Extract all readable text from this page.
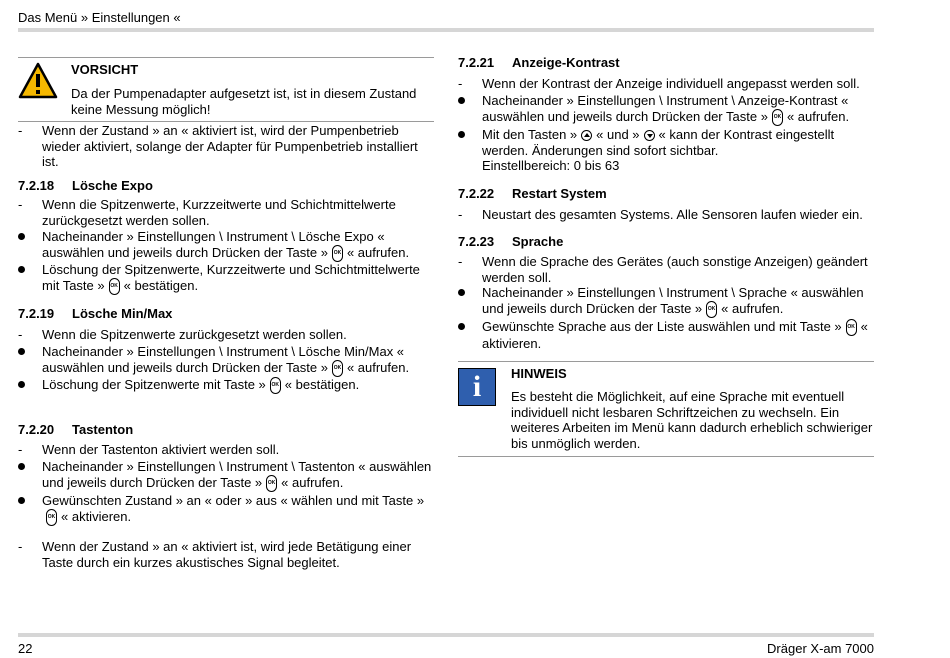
Das Menü » Einstellungen «
VORSICHT
Da der Pumpenadapter aufgesetzt ist, ist in diesem Zustand keine Messung möglich!
- Wenn der Zustand » an « aktiviert ist, wird der Pumpenbetrieb wieder aktiviert, solange der Adapter für Pumpenbetrieb installiert ist.
7.2.18 Lösche Expo
- Wenn die Spitzenwerte, Kurzzeitwerte und Schichtmittelwerte zurückgesetzt werden sollen.
Nacheinander » Einstellungen \ Instrument \ Lösche Expo « auswählen und jeweils durch Drücken der Taste » OK « aufrufen.
Löschung der Spitzenwerte, Kurzzeitwerte und Schichtmittelwerte mit Taste » OK « bestätigen.
7.2.19 Lösche Min/Max
- Wenn die Spitzenwerte zurückgesetzt werden sollen.
Nacheinander » Einstellungen \ Instrument \ Lösche Min/Max « auswählen und jeweils durch Drücken der Taste » OK « aufrufen.
Löschung der Spitzenwerte mit Taste » OK « bestätigen.
7.2.20 Tastenton
- Wenn der Tastenton aktiviert werden soll.
Nacheinander » Einstellungen \ Instrument \ Tastenton « auswählen und jeweils durch Drücken der Taste » OK « aufrufen.
Gewünschten Zustand » an « oder » aus « wählen und mit Taste »
OK « aktivieren.
- Wenn der Zustand » an « aktiviert ist, wird jede Betätigung einer Taste durch ein kurzes akustisches Signal begleitet.
7.2.21 Anzeige-Kontrast
- Wenn der Kontrast der Anzeige individuell angepasst werden soll.
Nacheinander » Einstellungen \ Instrument \ Anzeige-Kontrast « auswählen und jeweils durch Drücken der Taste » OK « aufrufen.
Mit den Tasten » « und » « kann der Kontrast eingestellt werden. Änderungen sind sofort sichtbar.
Einstellbereich: 0 bis 63
7.2.22 Restart System
- Neustart des gesamten Systems. Alle Sensoren laufen wieder ein.
7.2.23 Sprache
- Wenn die Sprache des Gerätes (auch sonstige Anzeigen) geändert werden soll.
Nacheinander » Einstellungen \ Instrument \ Sprache « auswählen und jeweils durch Drücken der Taste » OK « aufrufen.
Gewünschte Sprache aus der Liste auswählen und mit Taste » OK « aktivieren.
i	HINWEIS
Es besteht die Möglichkeit, auf eine Sprache mit eventuell individuell nicht lesbaren Schriftzeichen zu wechseln. Ein weiteres Arbeiten im Menü kann dadurch erheblich schwieriger bis unmöglich werden.
22	Dräger X-am 7000
